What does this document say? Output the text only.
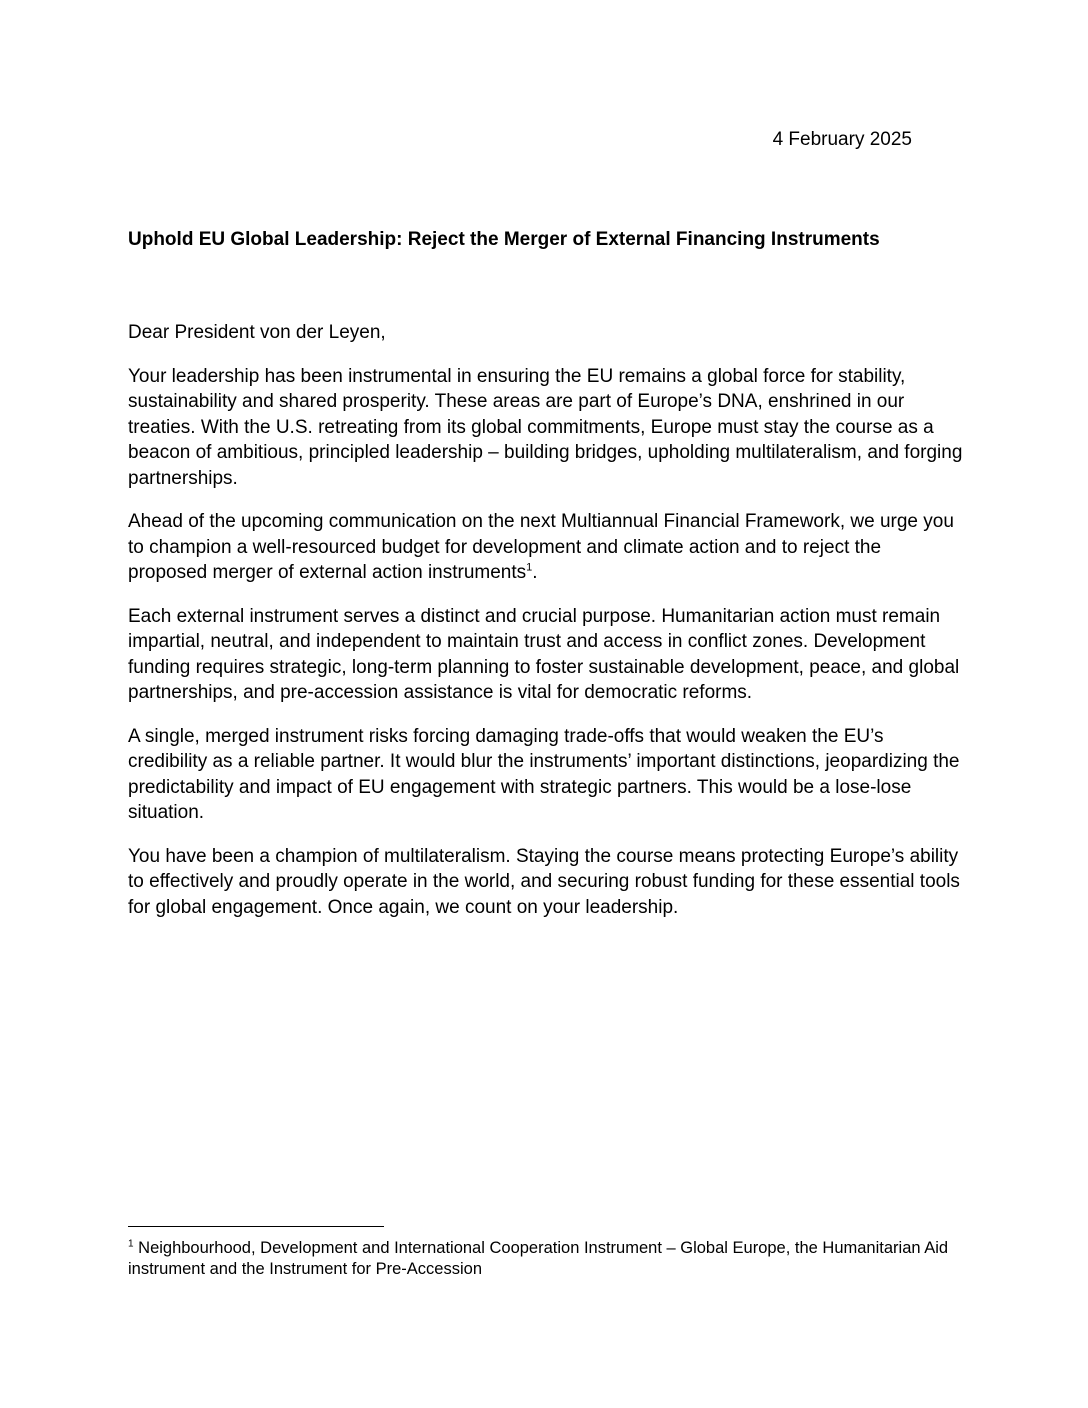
4 February 2025
Uphold EU Global Leadership: Reject the Merger of External Financing Instruments

Dear President von der Leyen,

Your leadership has been instrumental in ensuring the EU remains a global force for stability, sustainability and shared prosperity. These areas are part of Europe’s DNA, enshrined in our treaties. With the U.S. retreating from its global commitments, Europe must stay the course as a beacon of ambitious, principled leadership – building bridges, upholding multilateralism, and forging partnerships.

Ahead of the upcoming communication on the next Multiannual Financial Framework, we urge you to champion a well-resourced budget for development and climate action and to reject the proposed merger of external action instruments$^1$.

Each external instrument serves a distinct and crucial purpose. Humanitarian action must remain impartial, neutral, and independent to maintain trust and access in conflict zones. Development funding requires strategic, long-term planning to foster sustainable development, peace, and global partnerships, and pre-accession assistance is vital for democratic reforms.

A single, merged instrument risks forcing damaging trade-offs that would weaken the EU’s credibility as a reliable partner. It would blur the instruments’ important distinctions, jeopardizing the predictability and impact of EU engagement with strategic partners. This would be a lose-lose situation.

You have been a champion of multilateralism. Staying the course means protecting Europe’s ability to effectively and proudly operate in the world, and securing robust funding for these essential tools for global engagement. Once again, we count on your leadership.

$^1$ Neighbourhood, Development and International Cooperation Instrument – Global Europe, the Humanitarian Aid instrument and the Instrument for Pre-Accession
